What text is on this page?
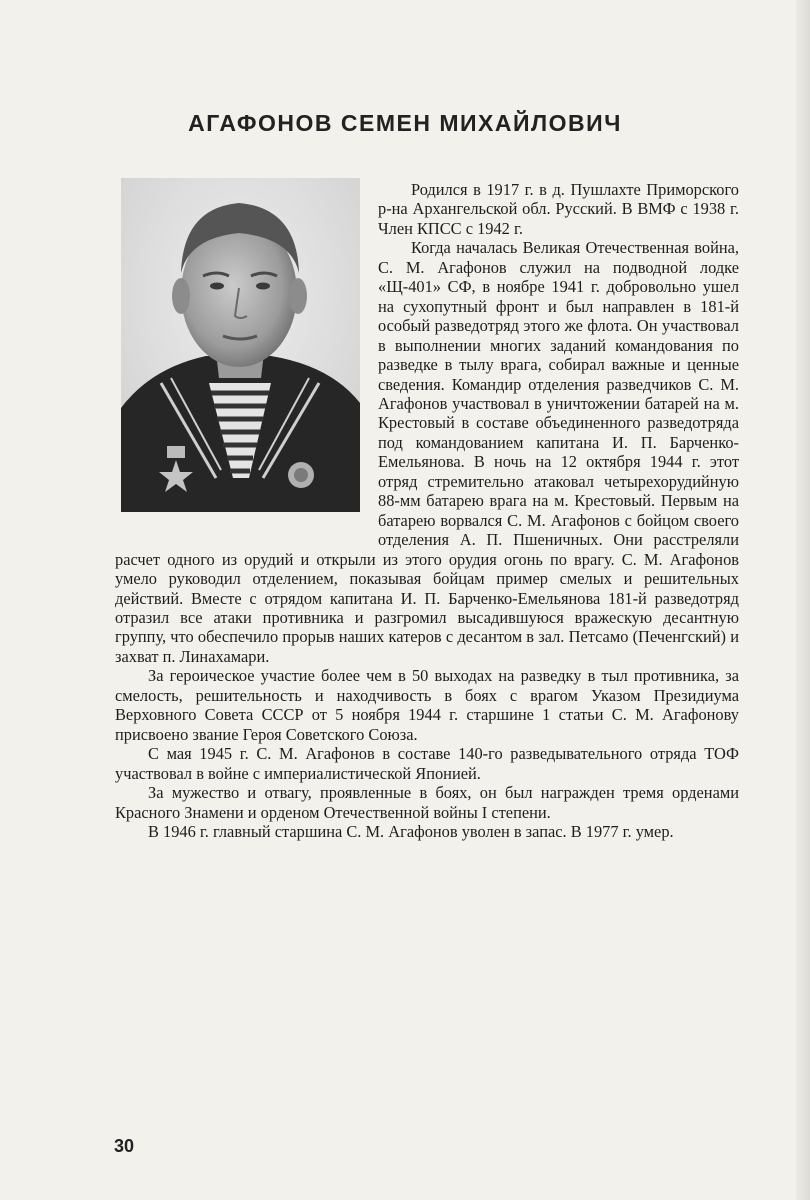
АГАФОНОВ СЕМЕН МИХАЙЛОВИЧ

Родился в 1917 г. в д. Пушлахте Приморского р-на Архангельской обл. Русский. В ВМФ с 1938 г. Член КПСС с 1942 г.

Когда началась Великая Отечественная война, С. М. Агафонов служил на подводной лодке «Щ-401» СФ, в ноябре 1941 г. добровольно ушел на сухопутный фронт и был направлен в 181-й особый разведотряд этого же флота. Он участвовал в выполнении многих заданий командования по разведке в тылу врага, собирал важные и ценные сведения. Командир отделения разведчиков С. М. Агафонов участвовал в уничтожении батарей на м. Крестовый в составе объединенного разведотряда под командованием капитана И. П. Барченко-Емельянова. В ночь на 12 октября 1944 г. этот отряд стремительно атаковал четырехорудийную 88-мм батарею врага на м. Крестовый. Первым на батарею ворвался С. М. Агафонов с бойцом своего отделения А. П. Пшеничных. Они расстреляли расчет одного из орудий и открыли из этого орудия огонь по врагу. С. М. Агафонов умело руководил отделением, показывая бойцам пример смелых и решительных действий. Вместе с отрядом капитана И. П. Барченко-Емельянова 181-й разведотряд отразил все атаки противника и разгромил высадившуюся вражескую десантную группу, что обеспечило прорыв наших катеров с десантом в зал. Петсамо (Печенгский) и захват п. Линахамари.

За героическое участие более чем в 50 выходах на разведку в тыл противника, за смелость, решительность и находчивость в боях с врагом Указом Президиума Верховного Совета СССР от 5 ноября 1944 г. старшине 1 статьи С. М. Агафонову присвоено звание Героя Советского Союза.

С мая 1945 г. С. М. Агафонов в составе 140-го разведывательного отряда ТОФ участвовал в войне с империалистической Японией.

За мужество и отвагу, проявленные в боях, он был награжден тремя орденами Красного Знамени и орденом Отечественной войны I степени.

В 1946 г. главный старшина С. М. Агафонов уволен в запас. В 1977 г. умер.

30
